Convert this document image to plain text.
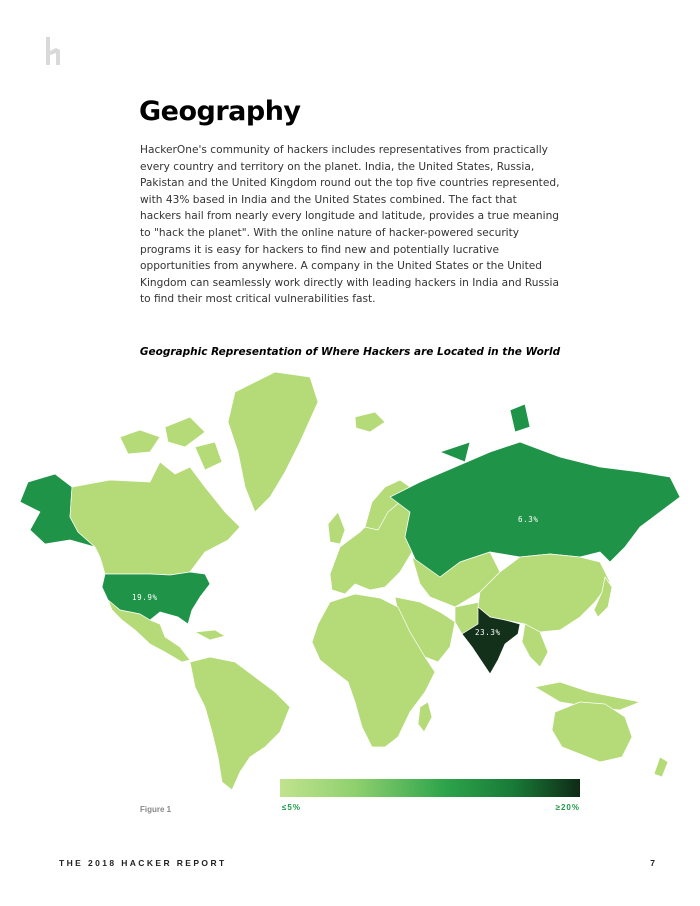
Geography

HackerOne's community of hackers includes representatives from practically every country and territory on the planet. India, the United States, Russia, Pakistan and the United Kingdom round out the top five countries represented, with 43% based in India and the United States combined. The fact that hackers hail from nearly every longitude and latitude, provides a true meaning to "hack the planet". With the online nature of hacker-powered security programs it is easy for hackers to find new and potentially lucrative opportunities from anywhere. A company in the United States or the United Kingdom can seamlessly work directly with leading hackers in India and Russia to find their most critical vulnerabilities fast.

Geographic Representation of Where Hackers are Located in the World
19.9%
6.3%
23.3%
≤5%	≥20%
Figure 1
THE 2018 HACKER REPORT	7
